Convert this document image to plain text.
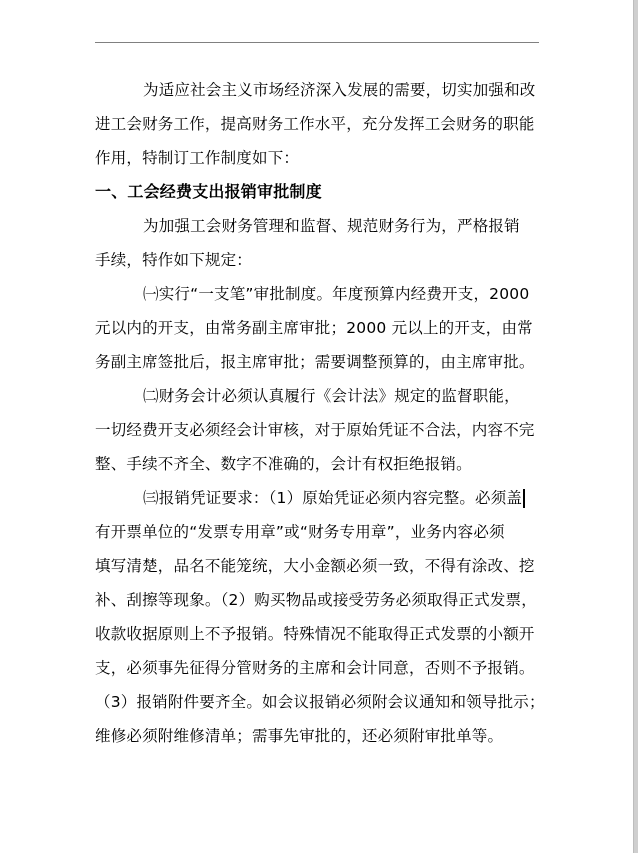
为适应社会主义市场经济深入发展的需要，切实加强和改
进工会财务工作，提高财务工作水平，充分发挥工会财务的职能
作用，特制订工作制度如下：
一、工会经费支出报销审批制度
为加强工会财务管理和监督、规范财务行为，严格报销
手续，特作如下规定：
㈠实行“一支笔”审批制度。年度预算内经费开支，2000
元以内的开支，由常务副主席审批；2000 元以上的开支，由常
务副主席签批后，报主席审批；需要调整预算的，由主席审批。
㈡财务会计必须认真履行《会计法》规定的监督职能，
一切经费开支必须经会计审核，对于原始凭证不合法，内容不完
整、手续不齐全、数字不准确的，会计有权拒绝报销。
㈢报销凭证要求：（1）原始凭证必须内容完整。必须盖
有开票单位的“发票专用章”或“财务专用章”，业务内容必须
填写清楚，品名不能笼统，大小金额必须一致，不得有涂改、挖
补、刮擦等现象。（2）购买物品或接受劳务必须取得正式发票，
收款收据原则上不予报销。特殊情况不能取得正式发票的小额开
支，必须事先征得分管财务的主席和会计同意，否则不予报销。
（3）报销附件要齐全。如会议报销必须附会议通知和领导批示；
维修必须附维修清单；需事先审批的，还必须附审批单等。
